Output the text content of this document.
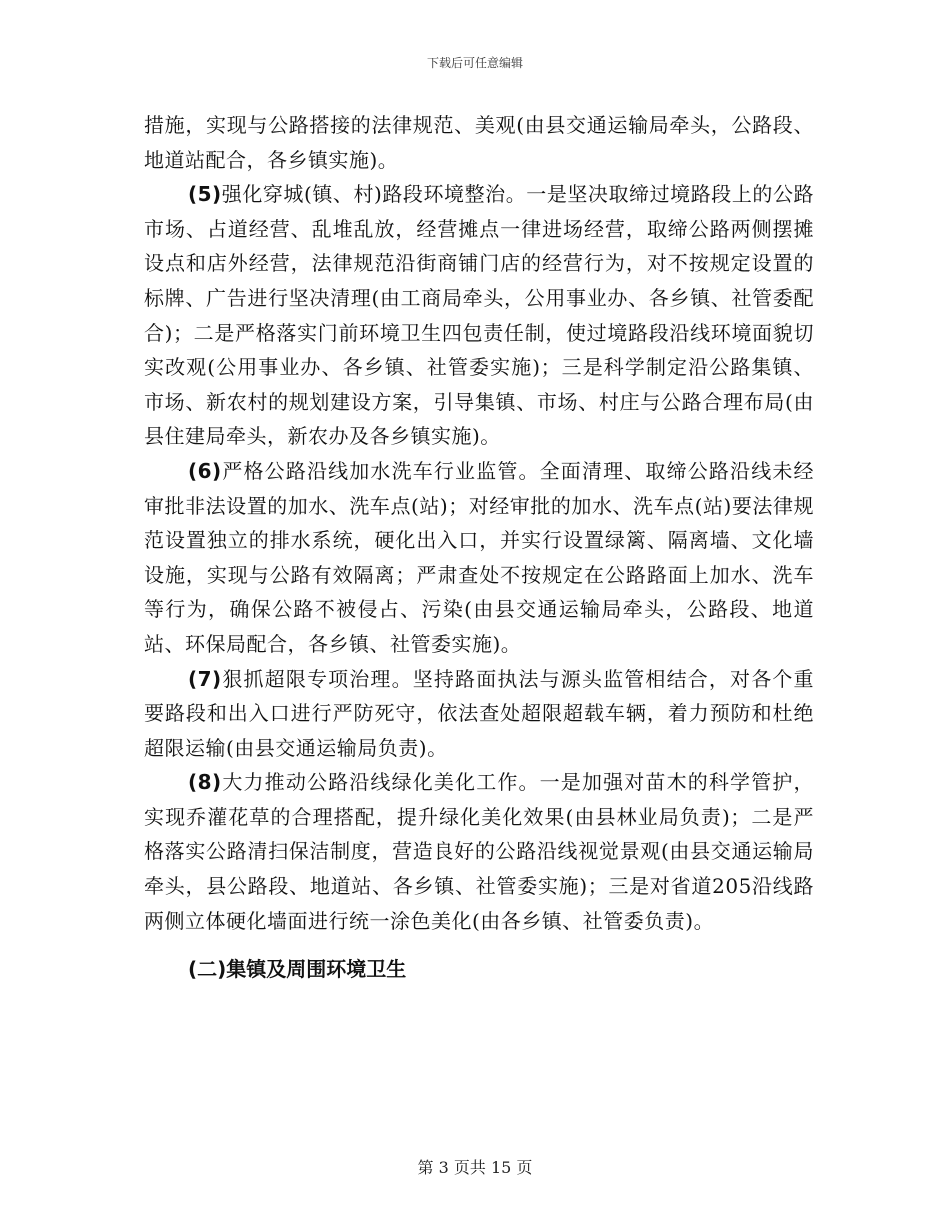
下载后可任意编辑

措施，实现与公路搭接的法律规范、美观(由县交通运输局牵头，公路段、地道站配合，各乡镇实施)。

(5)强化穿城(镇、村)路段环境整治。一是坚决取缔过境路段上的公路市场、占道经营、乱堆乱放，经营摊点一律进场经营，取缔公路两侧摆摊设点和店外经营，法律规范沿街商铺门店的经营行为，对不按规定设置的标牌、广告进行坚决清理(由工商局牵头，公用事业办、各乡镇、社管委配合)；二是严格落实门前环境卫生四包责任制，使过境路段沿线环境面貌切实改观(公用事业办、各乡镇、社管委实施)；三是科学制定沿公路集镇、市场、新农村的规划建设方案，引导集镇、市场、村庄与公路合理布局(由县住建局牵头，新农办及各乡镇实施)。

(6)严格公路沿线加水洗车行业监管。全面清理、取缔公路沿线未经审批非法设置的加水、洗车点(站)；对经审批的加水、洗车点(站)要法律规范设置独立的排水系统，硬化出入口，并实行设置绿篱、隔离墙、文化墙设施，实现与公路有效隔离；严肃查处不按规定在公路路面上加水、洗车等行为，确保公路不被侵占、污染(由县交通运输局牵头，公路段、地道站、环保局配合，各乡镇、社管委实施)。

(7)狠抓超限专项治理。坚持路面执法与源头监管相结合，对各个重要路段和出入口进行严防死守，依法查处超限超载车辆，着力预防和杜绝超限运输(由县交通运输局负责)。

(8)大力推动公路沿线绿化美化工作。一是加强对苗木的科学管护，实现乔灌花草的合理搭配，提升绿化美化效果(由县林业局负责)；二是严格落实公路清扫保洁制度，营造良好的公路沿线视觉景观(由县交通运输局牵头，县公路段、地道站、各乡镇、社管委实施)；三是对省道205沿线路两侧立体硬化墙面进行统一涂色美化(由各乡镇、社管委负责)。

(二)集镇及周围环境卫生

第 3 页共 15 页
